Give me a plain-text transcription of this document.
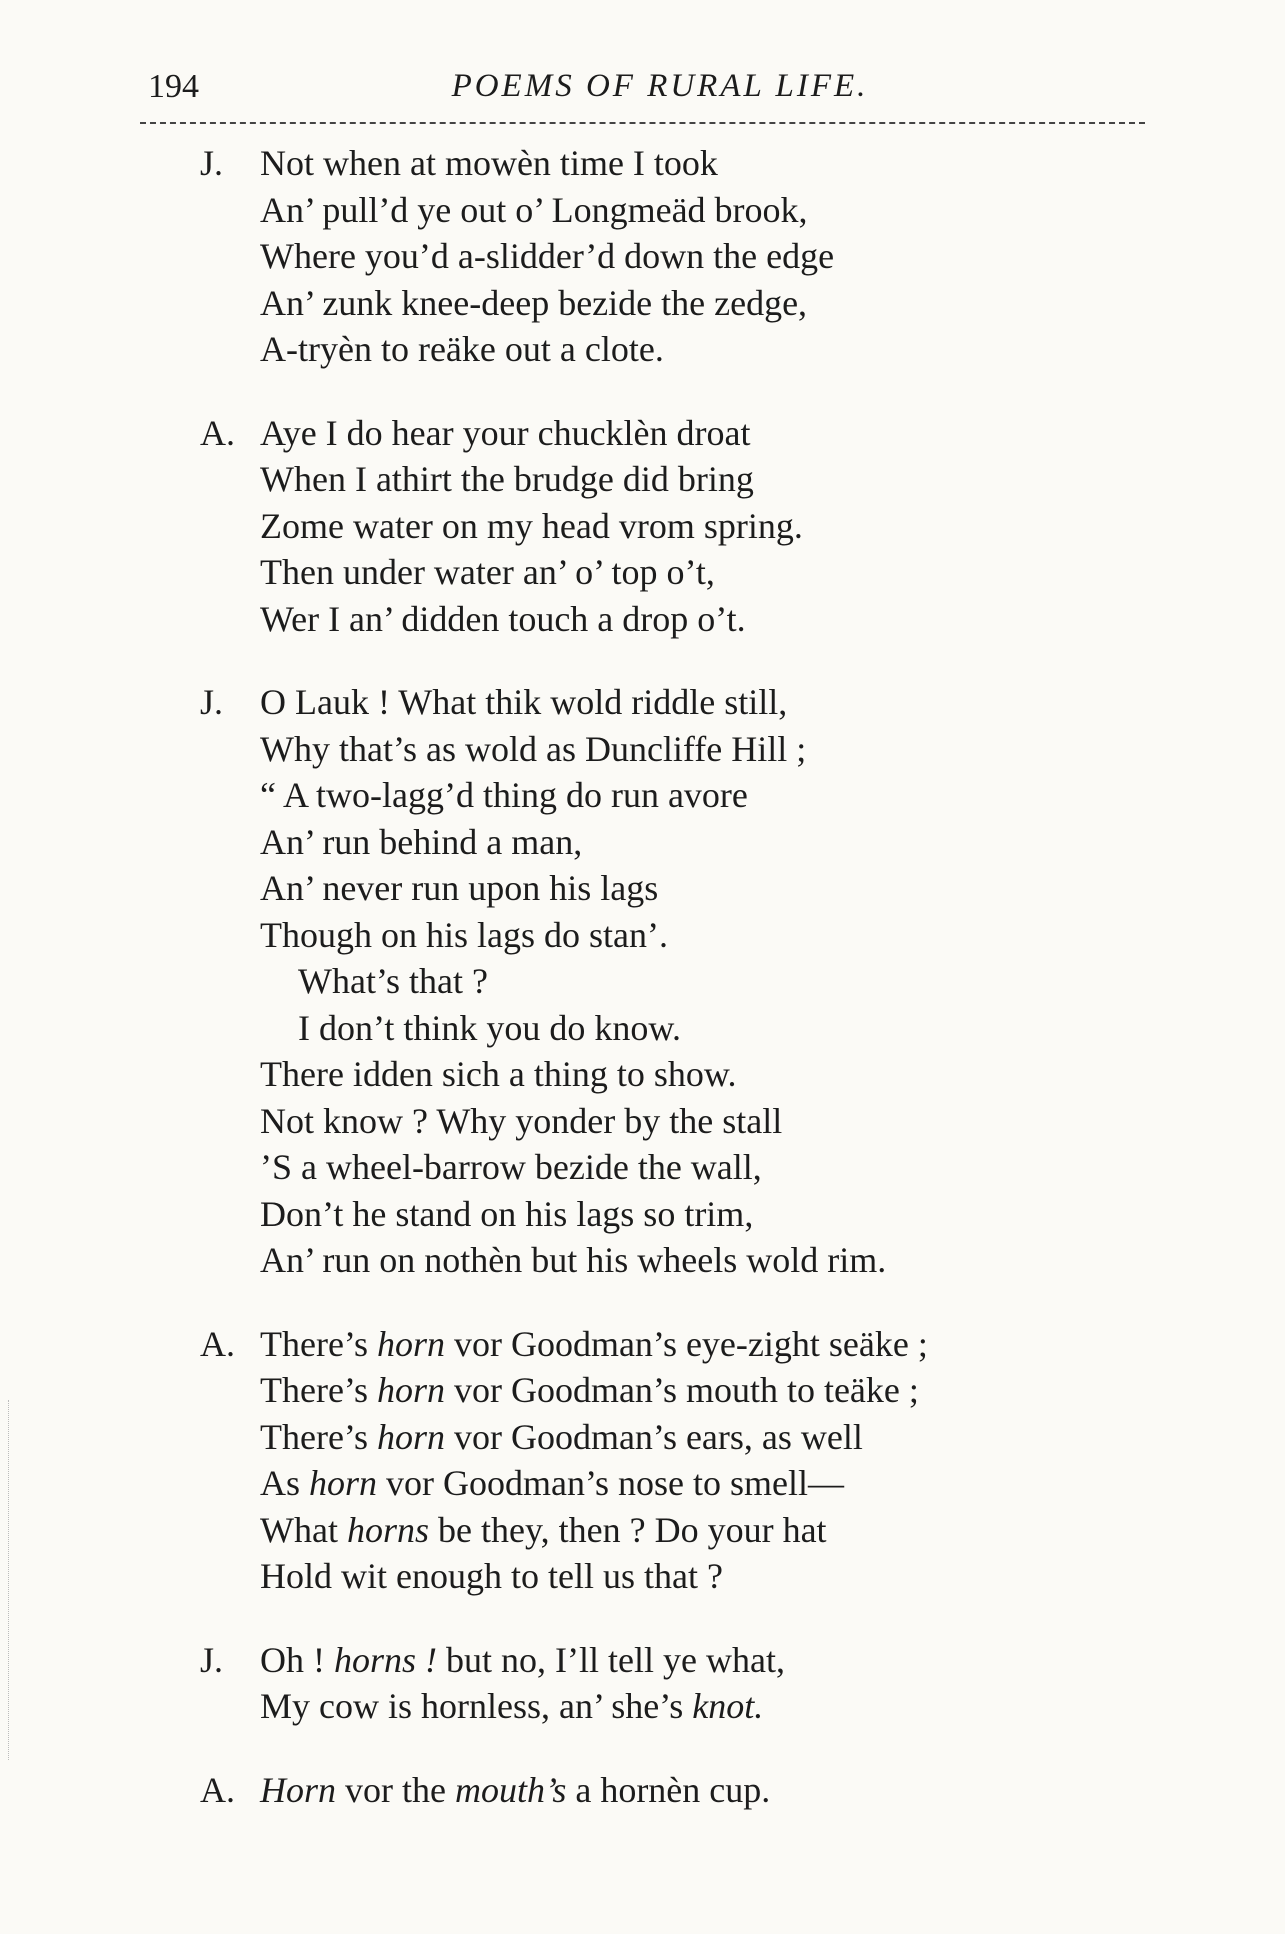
194	POEMS OF RURAL LIFE.
J. Not when at mowèn time I took
An’ pull’d ye out o’ Longmeäd brook,
Where you’d a-slidder’d down the edge
An’ zunk knee-deep bezide the zedge,
A-tryèn to reäke out a clote.
A. Aye I do hear your chucklèn droat
When I athirt the brudge did bring
Zome water on my head vrom spring.
Then under water an’ o’ top o’t,
Wer I an’ didden touch a drop o’t.
J. O Lauk ! What thik wold riddle still,
Why that’s as wold as Duncliffe Hill ;
“ A two-lagg’d thing do run avore
An’ run behind a man,
An’ never run upon his lags
Though on his lags do stan’.
What’s that ?
I don’t think you do know.
There idden sich a thing to show.
Not know ? Why yonder by the stall
’S a wheel-barrow bezide the wall,
Don’t he stand on his lags so trim,
An’ run on nothèn but his wheels wold rim.
A. There’s horn vor Goodman’s eye-zight seäke ;
There’s horn vor Goodman’s mouth to teäke ;
There’s horn vor Goodman’s ears, as well
As horn vor Goodman’s nose to smell—
What horns be they, then ? Do your hat
Hold wit enough to tell us that ?
J. Oh ! horns ! but no, I’ll tell ye what,
My cow is hornless, an’ she’s knot.
A. Horn vor the mouth’s a hornèn cup.
